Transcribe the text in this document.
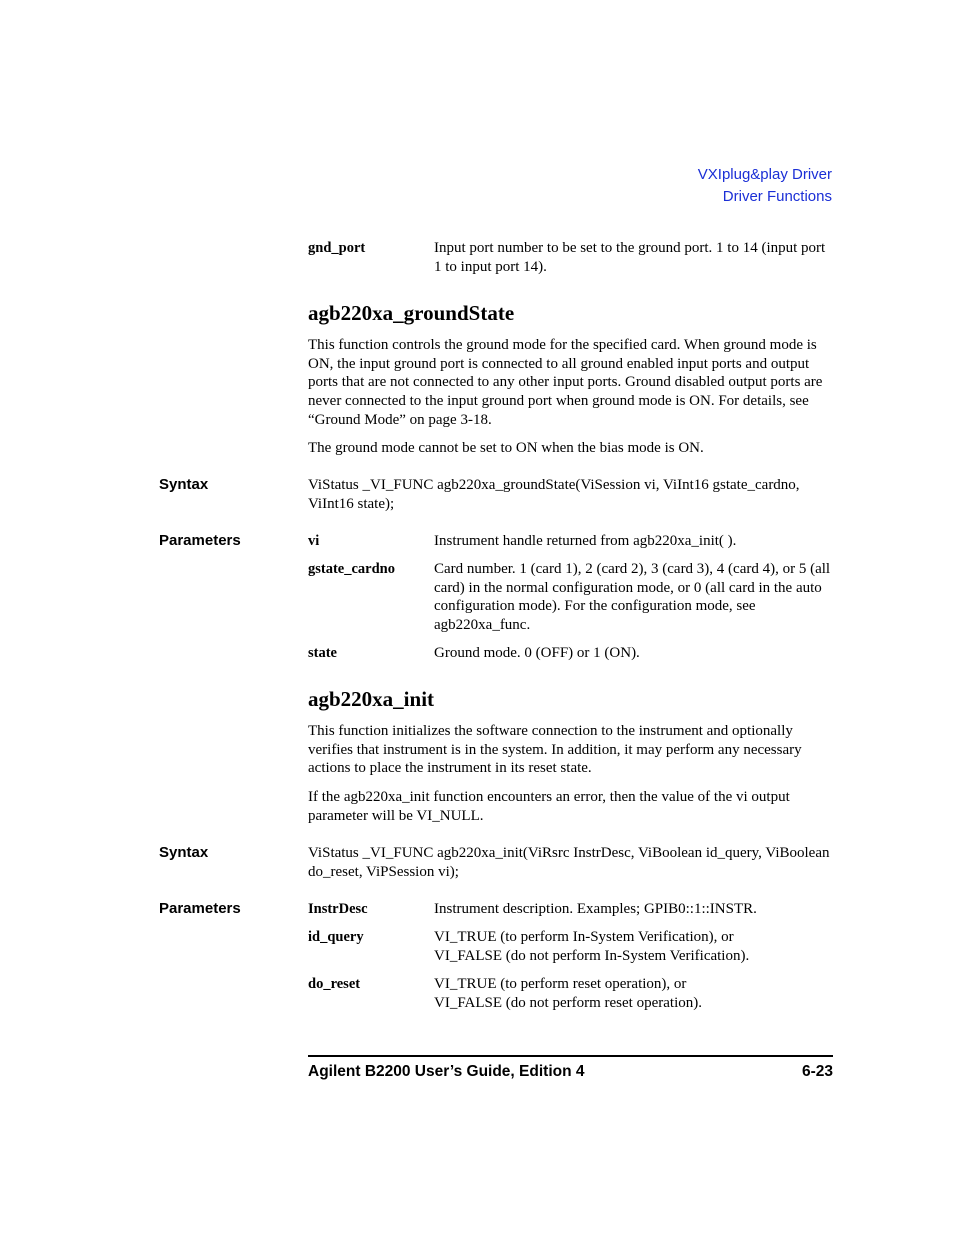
VXIplug&play Driver
Driver Functions
gnd_port	Input port number to be set to the ground port. 1 to 14 (input port 1 to input port 14).
agb220xa_groundState
This function controls the ground mode for the specified card. When ground mode is ON, the input ground port is connected to all ground enabled input ports and output ports that are not connected to any other input ports. Ground disabled output ports are never connected to the input ground port when ground mode is ON. For details, see “Ground Mode” on page 3-18.
The ground mode cannot be set to ON when the bias mode is ON.
Syntax	ViStatus _VI_FUNC agb220xa_groundState(ViSession vi, ViInt16 gstate_cardno, ViInt16 state);
Parameters	vi	Instrument handle returned from agb220xa_init( ).
gstate_cardno	Card number. 1 (card 1), 2 (card 2), 3 (card 3), 4 (card 4), or 5 (all card) in the normal configuration mode, or 0 (all card in the auto configuration mode). For the configuration mode, see agb220xa_func.
state	Ground mode. 0 (OFF) or 1 (ON).
agb220xa_init
This function initializes the software connection to the instrument and optionally verifies that instrument is in the system. In addition, it may perform any necessary actions to place the instrument in its reset state.
If the agb220xa_init function encounters an error, then the value of the vi output parameter will be VI_NULL.
Syntax	ViStatus _VI_FUNC agb220xa_init(ViRsrc InstrDesc, ViBoolean id_query, ViBoolean do_reset, ViPSession vi);
Parameters	InstrDesc	Instrument description. Examples; GPIB0::1::INSTR.
id_query	VI_TRUE (to perform In-System Verification), or VI_FALSE (do not perform In-System Verification).
do_reset	VI_TRUE (to perform reset operation), or VI_FALSE (do not perform reset operation).
Agilent B2200 User’s Guide, Edition 4	6-23
